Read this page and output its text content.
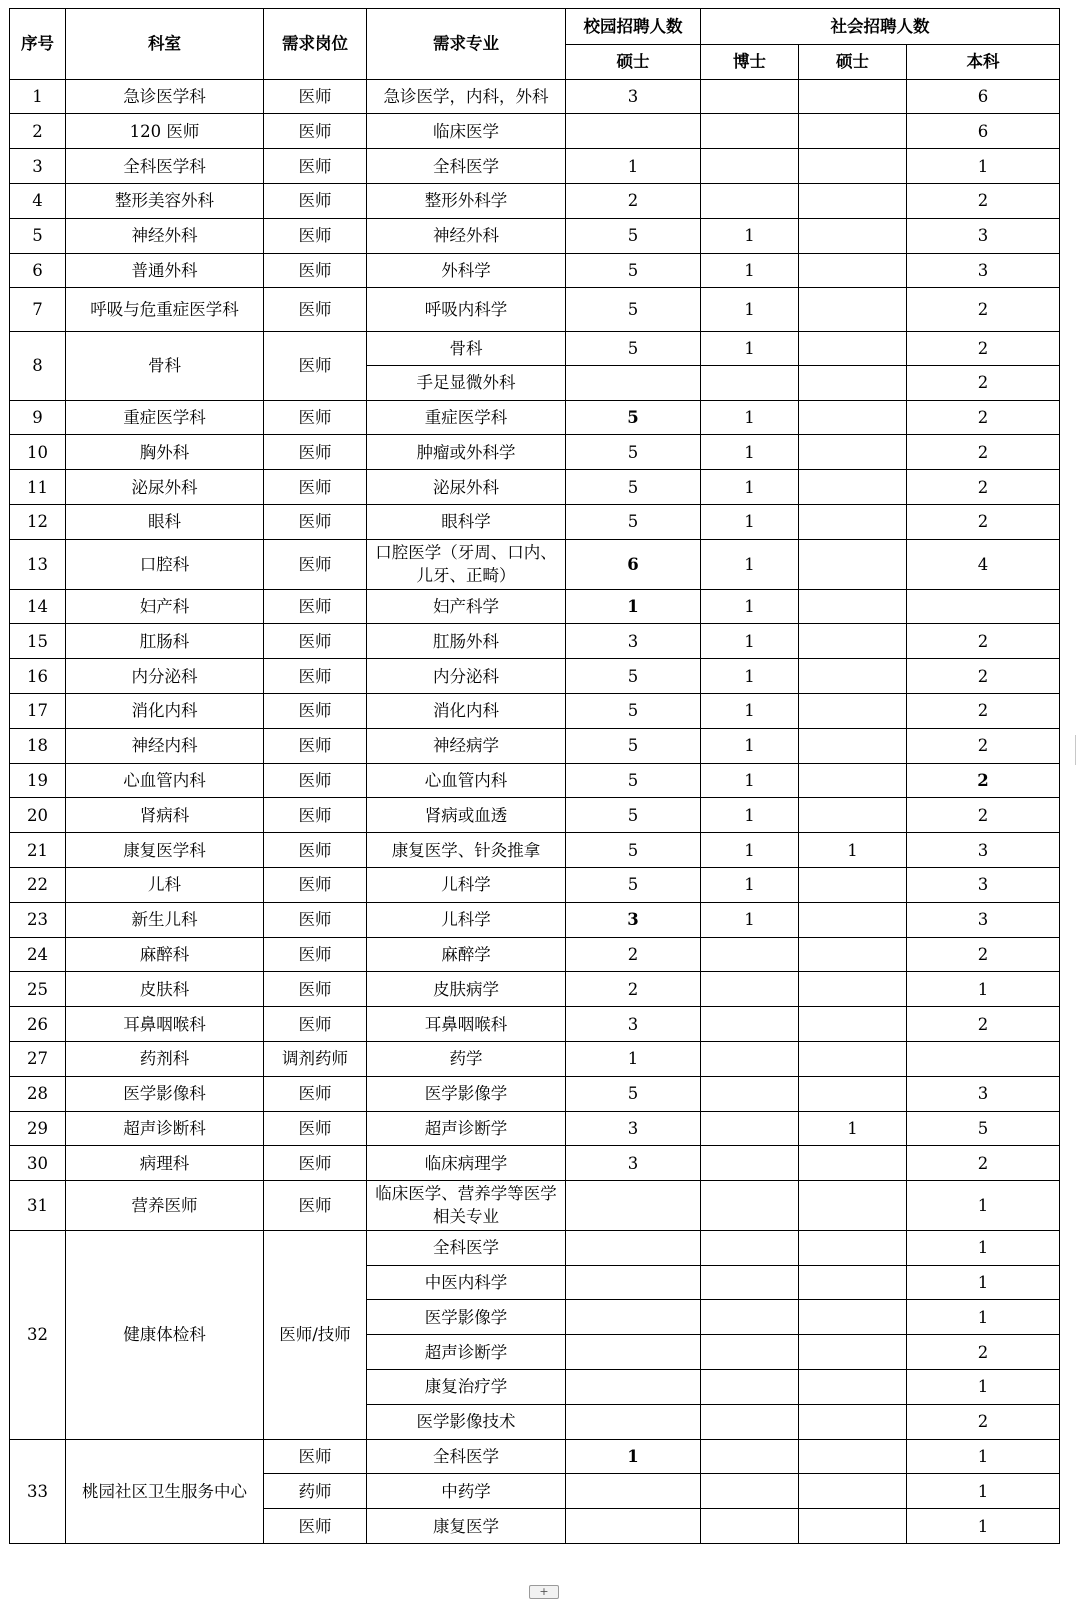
序号	科室	需求岗位	需求专业	校园招聘人数	社会招聘人数		
				硕士	博士	硕士	本科
1	急诊医学科	医师	急诊医学，内科，外科	3			6
2	120 医师	医师	临床医学				6
3	全科医学科	医师	全科医学	1			1
4	整形美容外科	医师	整形外科学	2			2
5	神经外科	医师	神经外科	5	1		3
6	普通外科	医师	外科学	5	1		3
7	呼吸与危重症医学科	医师	呼吸内科学	5	1		2
8	骨科	医师	骨科	5	1		2
			手足显微外科				2
9	重症医学科	医师	重症医学科	5	1		2
10	胸外科	医师	肿瘤或外科学	5	1		2
11	泌尿外科	医师	泌尿外科	5	1		2
12	眼科	医师	眼科学	5	1		2
13	口腔科	医师	口腔医学（牙周、口内、儿牙、正畸）	6	1		4
14	妇产科	医师	妇产科学	1	1		
15	肛肠科	医师	肛肠外科	3	1		2
16	内分泌科	医师	内分泌科	5	1		2
17	消化内科	医师	消化内科	5	1		2
18	神经内科	医师	神经病学	5	1		2
19	心血管内科	医师	心血管内科	5	1		2
20	肾病科	医师	肾病或血透	5	1		2
21	康复医学科	医师	康复医学、针灸推拿	5	1	1	3
22	儿科	医师	儿科学	5	1		3
23	新生儿科	医师	儿科学	3	1		3
24	麻醉科	医师	麻醉学	2			2
25	皮肤科	医师	皮肤病学	2			1
26	耳鼻咽喉科	医师	耳鼻咽喉科	3			2
27	药剂科	调剂药师	药学	1			
28	医学影像科	医师	医学影像学	5			3
29	超声诊断科	医师	超声诊断学	3		1	5
30	病理科	医师	临床病理学	3			2
31	营养医师	医师	临床医学、营养学等医学相关专业				1
32	健康体检科	医师/技师	全科医学				1
			中医内科学				1
			医学影像学				1
			超声诊断学				2
			康复治疗学				1
			医学影像技术				2
33	桃园社区卫生服务中心	医师	全科医学	1			1
		药师	中药学				1
		医师	康复医学				1
+
